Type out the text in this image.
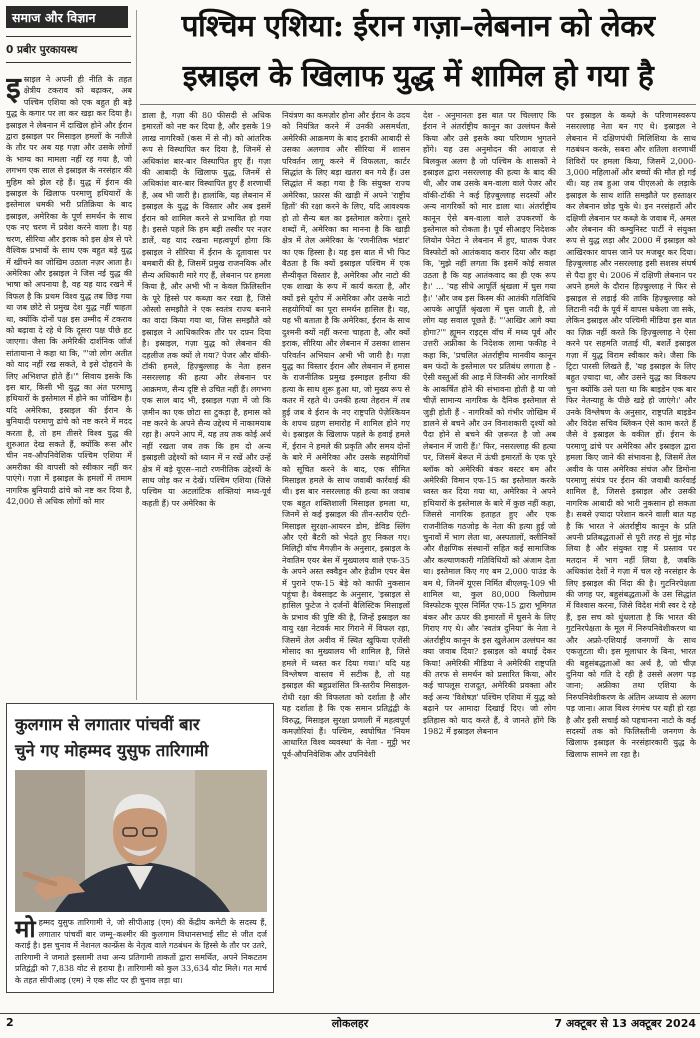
समाज और विज्ञान
0 प्रबीर पुरकायस्थ
पश्चिम एशिया: ईरान गज़ा–लेबनान को लेकर
इस्राइल के खिलाफ युद्ध में शामिल हो गया है
इ स्राइल ने अपनी ही नीति के तहत क्षेत्रीय टकराव को बढ़ाकर, अब पश्चिम एशिया को एक बहुत ही बड़े युद्ध के कगार पर ला कर खड़ा कर दिया है। इस्राइल ने लेबनान में दाखिल होने और ईरान द्वारा इस्राइल पर मिसाइल हमलों के नतीजे के तौर पर अब यह गज़ा और उसके लोगों के भाग्य का मामला नहीं रह गया है, जो लगभग एक साल से इस्राइल के नरसंहार की मुहिम को झेल रहे हैं। युद्ध में ईरान की इस्राइल के खिलाफ परमाणु हथियारों के इस्तेमाल धमकी भरी प्रतिक्रिया के बाद इस्राइल, अमेरिका के पूर्ण समर्थन के साथ एक नए चरण में प्रवेश करने वाला है। यह चरण, सीरिया और इराक को इस क्षेत्र से परे वैश्विक प्रभावों के साथ एक बहुत बड़े युद्ध में खींचने का जोखिम उठाता नज़र आता है। अमेरिका और इस्राइल ने जिस नई युद्ध की भाषा को अपनाया है, वह यह याद रखने में विफल है कि प्रथम विश्व युद्ध तब छिड़ गया था जब छोटे से प्रमुख देश युद्ध नहीं चाहता था, क्योंकि दोनों पक्ष इस उम्मीद में टकराव को बढ़ावा दे रहे थे कि दूसरा पक्ष पीछे हट जाएगा। जैसा कि अमेरिकी दार्शनिक जॉर्ज सांतायाना ने कहा था कि, "'जो लोग अतीत को याद नहीं रख सकते, वे इसे दोहराने के लिए अभिशप्त होते हैं।'" सिवाय इसके कि इस बार, किसी भी युद्ध का अंत परमाणु हथियारों के इस्तेमाल में होने का जोखिम है। यदि अमेरिका, इस्राइल की ईरान के बुनियादी परमाणु ढांचे को नष्ट करने में मदद करता है, तो हम तीसरे विश्व युद्ध की शुरुआत देख सकते हैं, क्योंकि रूस और चीन नव-औपनिवेशिक पश्चिम एशिया में अमरीका की वापसी को स्वीकार नहीं कर पाएंगे। गज़ा में इस्राइल के हमलों में तमाम नागरिक बुनियादी ढांचे को नष्ट कर दिया है, 42,000 से अधिक लोगों को मार
डाला है, गज़ा की 80 फीसदी से अधिक इमारतों को नष्ट कर दिया है, और इसके 19 लाख नागरिकों (कस में से नौ) को आंतरिक रूप से विस्थापित कर दिया है, जिनमें से अधिकांश बार-बार विस्थापित हुए हैं। गज़ा की आबादी के खिलाफ युद्ध, जिनमें से अधिकांश बार-बार विस्थापित हुए हैं शरणार्थी हैं, अब भी जारी है। हालांकि, यह लेबनान में इस्राइल के युद्ध के विस्तार और अब इसमें ईरान को शामिल करने से प्रभावित हो गया है। इससे पहले कि हम बड़ी तस्वीर पर नज़र डालें, यह याद रखना महत्वपूर्ण होगा कि इस्राइल ने सीरिया में ईरान के दूतावास पर बमबारी की है, जिसमें प्रमुख राजनयिक और सैन्य अधिकारी मारे गए हैं, लेबनान पर हमला किया है, और अभी भी न केवल फ़िलिस्तीन के पूरे हिस्से पर कब्ज़ा कर रखा है, जिसे ओस्लो समझौते ने एक स्वतंत्र राज्य बनाने का वादा किया गया था, जिस समझौते को इस्राइल ने आधिकारिक तौर पर दफ़्न दिया है। इस्राइल, गज़ा युद्ध को लेबनान की दहलीज तक क्यों ले गया? पेजर और वॉकी-टॉकी हमले, हिज़्बुल्लाह के नेता हसन नसरल्लाह की हत्या और लेबनान पर आक्रमण, सैन्य दृष्टि से उचित नहीं हैं। लगभग एक साल बाद भी, इस्राइल गज़ा में जो कि ज़मीन का एक छोटा सा टुकड़ा है, हमास को नष्ट करने के अपने सैन्य उद्देश्य में नाकामयाब रहा है। अपने आप में, यह तय तक कोई अर्थ नहीं रखता जब तक कि हम दो अन्य इस्राइली उद्देश्यों को ध्यान में न रखें और उन्हें क्षेत्र में बड़े यूएस–नाटो रणनीतिक उद्देश्यों के साथ जोड़ कर न देखें। पश्चिम एशिया (जिसे पश्चिम या अटलांटिक शक्तियां मध्य-पूर्व कहती हैं) पर अमेरिका के
नियंत्रण का कमज़ोर होना और ईरान के उदय को नियंत्रित करने में उनकी असमर्थता, अमेरिकी आक्रमण के बाद इराकी आबादी से उसका अलगाव और सीरिया में शासन परिवर्तन लागू करने में विफलता, कार्टर सिद्धांत के लिए बड़ा खतरा बन गये हैं। उस सिद्धांत में कहा गया है कि संयुक्त राज्य अमेरिका, फ़ारस की खाड़ी में अपने 'राष्ट्रीय हितों' की रक्षा करने के लिए, यदि आवश्यक हो तो सैन्य बल का इस्तेमाल करेगा। दूसरे शब्दों में, अमेरिका का मानना है कि खाड़ी क्षेत्र में तेल अमेरिका के 'रणनीतिक भंडार' का एक हिस्सा है। यह इस बात में भी फिट बैठता है कि क्यों इस्राइल पश्चिम में एक सैन्यीकृत विस्तार है, अमेरिका और नाटो की एक शाखा के रूप में कार्य करता है, और क्यों इसे यूरोप में अमेरिका और उसके नाटो सहयोगियों का पूरा समर्थन हासिल है। यह, यह भी बताता है कि अमेरिका, ईरान के साथ दुश्मनी क्यों नहीं करना चाहता है, और क्यों इराक, सीरिया और लेबनान में उसका शासन परिवर्तन अभियान अभी भी जारी है। गज़ा युद्ध का विस्तार ईरान और लेबनान में हमास के राजनीतिक प्रमुख इस्माइल हनीया की हत्या के साथ शुरू हुआ था, जो मुख्य रूप से कतर में रहते थे। उनकी हत्या तेहरान में तब हुई जब वे ईरान के नए राष्ट्रपति पेज़ेश्कियन के शपथ ग्रहण समारोह में शामिल होने गए थे। इस्राइल के खिलाफ पहले के हवाई हमले में, ईरान ने हमले की प्रकृति और समय दोनों के बारे में अमेरिका और उसके सहयोगियों को सूचित करने के बाद, एक सीमित मिसाइल हमले के साथ जवाबी कार्रवाई की थी। इस बार नसरल्लाह की हत्या का जवाब एक बहुत शक्तिशाली मिसाइल हमला था, जिनमें से कई इस्राइल की तीन-स्तरीय एंटी-मिसाइल सुरक्षा-आयरन डोम, डेविड स्लिंग और एरो बैटरी को भेदते हुए निकल गए। मिलिट्री वॉच मैगज़ीन के अनुसार, इस्राइल के नेवातिम एयर बेस में मुख्यालय वाले एफ-35 के अपने अस्त स्क्वैड्रन और हेज़्रीम एयर बेस में पुराने एफ-15 बेड़े को काफी नुकसान पहुंचा है। वेबसाइट के अनुसार, 'इस्राइल से हासिल फुटेज ने दर्जनों बैलिस्टिक मिसाइलों के प्रभाव की पुष्टि की है, जिन्हें इस्राइल का वायु रक्षा नेटवर्क मार गिराने में विफल रहा, जिसमें तेल अवीव में स्थित खुफिया एजेंसी मोसाद का मुख्यालय भी शामिल है, जिसे हमले में ध्वस्त कर दिया गया।' यदि यह विश्लेषण वास्तव में सटीक है, तो यह इस्राइल की बहुप्रशंसित त्रि-स्तरीय मिसाइल-रोधी रक्षा की विफलता को दर्शाता है और यह दर्शाता है कि एक समान प्रतिद्वंद्वी के विरुद्ध, मिसाइल सुरक्षा प्रणाली में महत्वपूर्ण कमज़ोरियां हैं। पश्चिम, स्वघोषित 'नियम आधारित विश्व व्यवस्था' के नेता - मुट्ठी भर पूर्व-औपनिवेशिक और उपनिवेशी
देश - अनुमानतः इस बात पर चिल्लाए कि ईरान ने अंतर्राष्ट्रीय कानून का उल्लंघन कैसे किया और उसे इसके क्या परिणाम भुगतने होंगे। यह उस अनुमोदन की आवाज़ से बिलकुल अलग है जो पश्चिम के शासकों ने इस्राइल द्वारा नसरल्लाह की हत्या के बाद की थी, और जब उसके बम-वाला वाले पेजर और वॉकी-टॉकी ने कई हिज़्बुल्लाह सदस्यों और अन्य नागरिकों को मार डाला था। अंतर्राष्ट्रीय कानून ऐसे बम-वाला वाले उपकरणों के इस्तेमाल को रोकता है। पूर्व सीआइए निदेशक लियोन पेनेटा ने लेबनान में हुए, घातक पेजर विस्फोटों को आतंकवाद करार दिया और कहा कि, 'मुझे नहीं लगता कि इसमें कोई सवाल उठता है कि यह आतंकवाद का ही एक रूप है।' ... 'यह सीधे आपूर्ति श्रृंखला में घुस गया है।' 'और जब इस किस्म की आतंकी गतिविधि आपके आपूर्ति श्रृंखला में घुस जाती है, तो लोग यह सवाल पूछते हैं: "'आखिर आगे क्या होगा?'" ह्यूमन राइट्स वॉच में मध्य पूर्व और उत्तरी अफ्रीका के निदेशक लामा फकीह ने कहा कि, 'प्रचलित अंतर्राष्ट्रीय मानवीय कानून बम फंदों के इस्तेमाल पर प्रतिबंध लगाता है - ऐसी वस्तुओं की आड़ में जिनकी ओर नागरिकों के आकर्षित होने की संभावना होती है या जो चीज़ें सामान्य नागरिक के दैनिक इस्तेमाल से जुड़ी होती हैं - नागरिकों को गंभीर जोखिम में डालने से बचने और उन विनाशकारी दृश्यों को पैदा होने से बचने की ज़रूरत है जो अब लेबनान में जारी हैं।' फिर, नसरल्लाह की हत्या पर, जिसमें बेरूत में ऊंची इमारतों के एक पूरे ब्लॉक को अमेरिकी बंकर बस्टर बम और अमेरिकी विमान एफ-15 का इस्तेमाल करके ध्वस्त कर दिया गया था, अमेरिका ने अपने हथियारों के इस्तेमाल के बारे में कुछ नहीं कहा, जिससे नागरिक हताहत हुए और एक राजनीतिक गठजोड़ के नेता की हत्या हुई जो चुनावों में भाग लेता था, अस्पतालों, क्लीनिकों और शैक्षणिक संस्थानों सहित कई सामाजिक और कल्याणकारी गतिविधियों को अंजाम देता था। इस्तेमाल किए गए बम 2,000 पाउंड के बम थे, जिनमें यूएस निर्मित बीएलयू-109 भी शामिल था, कुल 80,000 किलोग्राम विस्फोटक यूएस निर्मित एफ-15 द्वारा भूमिगत बंकर और ऊपर की इमारतों में घुसने के लिए गिराए गए थे। और 'स्वतंत्र दुनिया' के नेता ने अंतर्राष्ट्रीय कानून के इस खुलेआम उल्लंघन का क्या जवाब दिया? इस्राइल को बधाई देकर किया! अमेरिकी मीडिया ने अमेरिकी राष्ट्रपति की तरफ से समर्थन को प्रसारित किया, और कई चापलूस राजदूत, अमेरिकी प्रवक्ता और कई अन्य 'विशेषज्ञ' पश्चिम एशिया में युद्ध को बढ़ाने पर आमादा दिखाई दिए। जो लोग इतिहास को याद करते हैं, वे जानते होंगे कि 1982 में इस्राइल लेबनान
पर इस्राइल के कब्ज़े के परिणामस्वरूप नसरल्लाह नेता बन गए थे। इस्राइल ने लेबनान में दक्षिणपंथी मिलिशिया के साथ गठबंधन करके, सबरा और शतिला शरणार्थी शिविरों पर हमला किया, जिसमें 2,000-3,000 महिलाओं और बच्चों की मौत हो गई थी। यह तब हुआ जब पीएलओ के लड़ाके इस्राइल के साथ शांति समझौते पर हस्ताक्षर कर लेबनान छोड़ चुके थे। इन नरसंहारों और दक्षिणी लेबनान पर कब्ज़े के जवाब में, अमल और लेबनान की कम्युनिस्ट पार्टी ने संयुक्त रूप से युद्ध लड़ा और 2000 में इस्राइल को आखिरकार वापस जाने पर मजबूर कर दिया। हिज़्बुल्लाह और नसरल्लाह इसी सशस्त्र संघर्ष से पैदा हुए थे। 2006 में दक्षिणी लेबनान पर अपने हमले के दौरान हिज़्बुल्लाह ने फिर से इस्राइल से लड़ाई की ताकि हिज़्बुल्लाह को लिटानी नदी के पूर्व में वापस धकेला जा सके, लेकिन इस्राइल और पश्चिमी मीडिया इस बात का ज़िक्र नहीं करते कि हिज़्बुल्लाह ने ऐसा करने पर सहमति जताई थी, बशर्ते इस्राइल गज़ा में युद्ध विराम स्वीकार करे। जैसा कि ट्रिटा पारसी लिखते हैं, 'यह इस्राइल के लिए बहुत ज़्यादा था, और उसने युद्ध का विकल्प चुना क्योंकि उसे पता था कि बाइडेन एक बार फिर नेतन्याहू के पीछे खड़े हो जाएंगे।' और उनके विश्लेषण के अनुसार, राष्ट्रपति बाइडेन और विदेश सचिव ब्लिंकन ऐसे काम करते हैं जैसे वे इस्राइल के वकील हों। ईरान के परमाणु ढांचे पर अमेरिका और इस्राइल द्वारा हमला किए जाने की संभावना है, जिसमें तेल अवीव के पास अमेरिका संचंज और डिमोना परमाणु संयंत्र पर ईरान की जवाबी कार्रवाई शामिल है, जिससे इस्राइल और उसकी नागरिक आबादी को भारी नुकसान हो सकता है। सबसे ज़्यादा परेशान करने वाली बात यह है कि भारत ने अंतर्राष्ट्रीय कानून के प्रति अपनी प्रतिबद्धताओं से पूरी तरह से मुंह मोड़ लिया है और संयुक्त राष्ट्र में प्रस्ताव पर मतदान में भाग नहीं लिया है, जबकि अधिकांश देशों ने गज़ा में चल रहे नरसंहार के लिए इस्राइल की निंदा की है। गुटनिरपेक्षता की जगह पर, बहुसंबद्धताओं के उस सिद्धांत में विश्वास करना, जिसे विदेश मंत्री स्वर दे रहे हैं, इस सच को धुंधलाता है कि भारत की गुटनिरपेक्षता के मूल में निरुपनिवेशीकरण था और अफ्रो-एशियाई जनगणों के साथ एकजुटता थी। इस मूलाधार के बिना, भारत की बहुसंबद्धताओं का अर्थ है, जो चीज़ दुनिया को गति दे रही है उससे अलग पड़ जाना; अफ्रीका तथा एशिया के निरुपनिवेशीकरण के अंतिम अध्याय से अलग पड़ जाना। आज विश्व रंगमंच पर यही हो रहा है और इसी सचाई को पहचानना नाटो के कई सदस्यों तक को फिलिस्तीनी जनगण के खिलाफ इस्राइल के नरसंहारकारी युद्ध के खिलाफ सामने ला रहा है।
कुलगाम से लगातार पांचवीं बार
चुने गए मोहम्मद युसुफ तारिगामी
मो हम्मद युसुफ तारिगामी ने, जो सीपीआइ (एम) की केंद्रीय कमेटी के सदस्य हैं, लगातार पांचवीं बार जम्मू–कश्मीर की कुलगाम विधानसभाई सीट से जीत दर्ज कराई है। इस चुनाव में नेशनल कान्फ्रेंस के नेतृत्व वाले गठबंधन के हिस्से के तौर पर उतरे, तारिगामी ने जमाते इस्लामी तथा अन्य प्रतिगामी ताकतों द्वारा समर्थित, अपने निकटतम प्रतिद्वंद्वी को 7,838 वोट से हराया है। तारिगामी को कुल 33,634 वोट मिले। गत मार्च के तहत सीपीआइ (एम) ने एक सीट पर ही चुनाव लड़ा था।
2	लोकलहर	7 अक्टूबर से 13 अक्टूबर 2024
